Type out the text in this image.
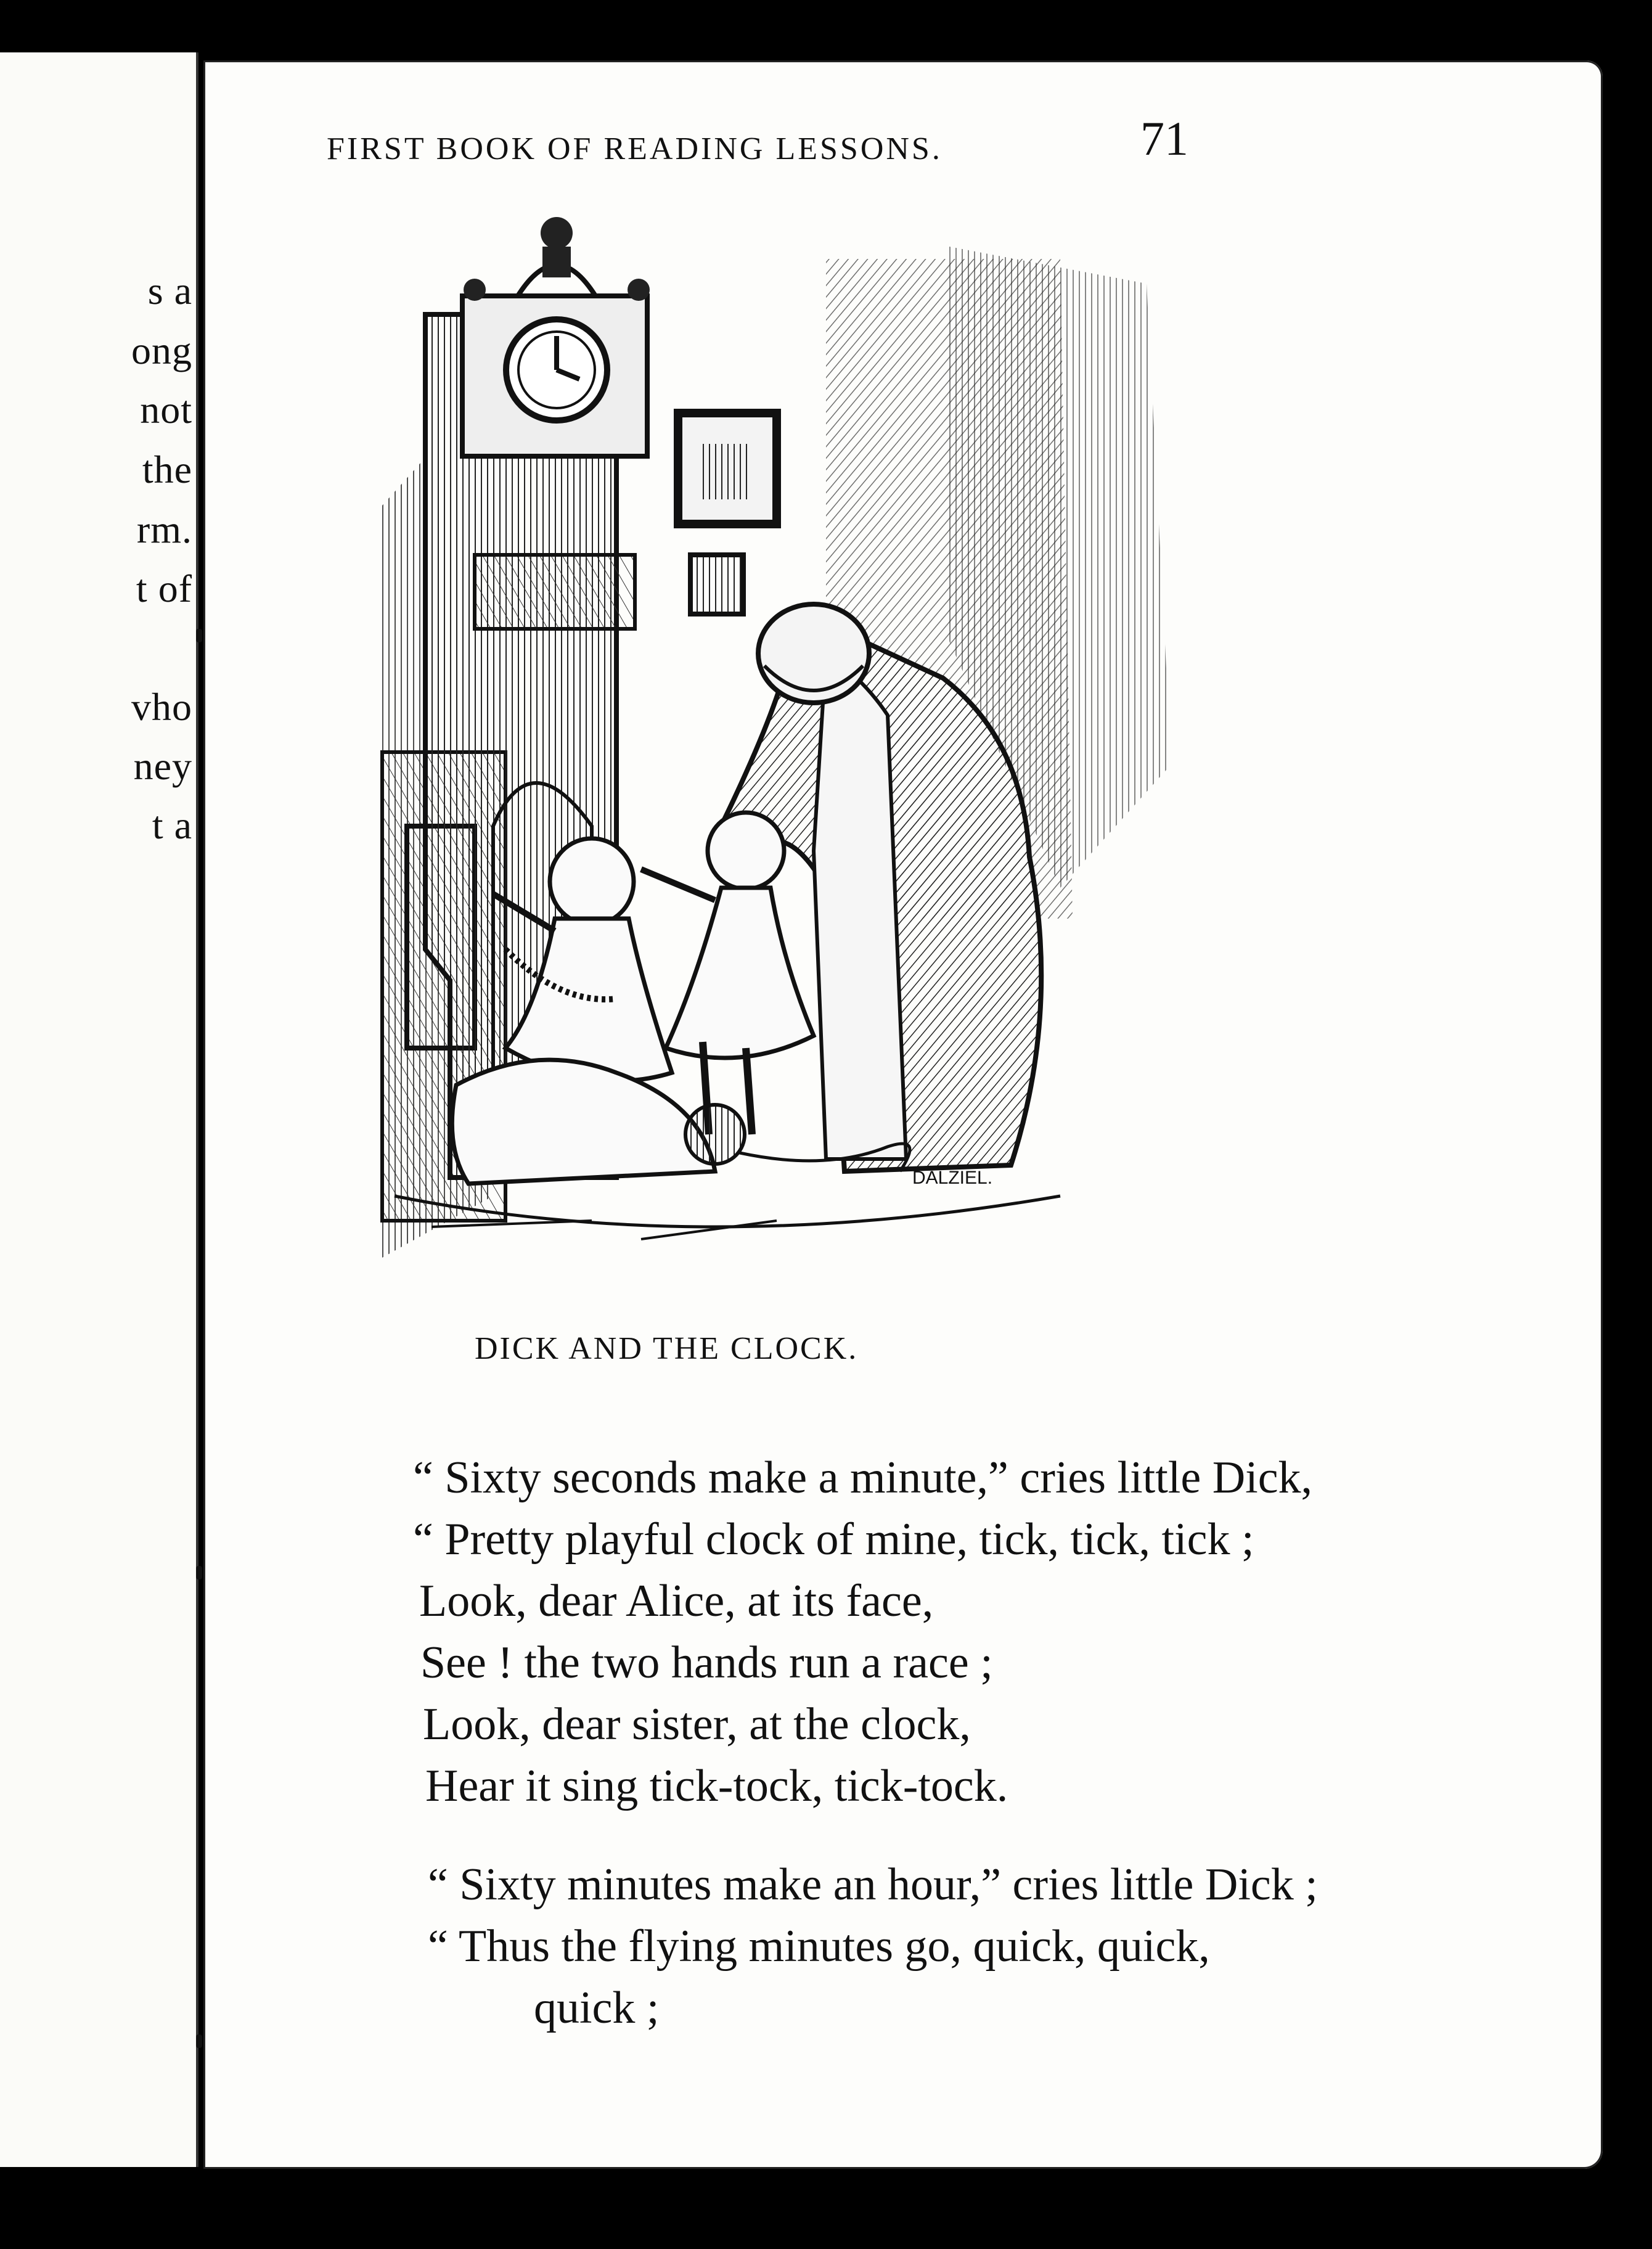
s a
ong
not
the
rm.
t of
vho
ney
t a
FIRST BOOK OF READING LESSONS.	71
DALZIEL.
DICK AND THE CLOCK.
“ Sixty seconds make a minute,” cries little Dick,
“ Pretty playful clock of mine, tick, tick, tick ;
Look, dear Alice, at its face,
See ! the two hands run a race ;
Look, dear sister, at the clock,
Hear it sing tick-tock, tick-tock.
“ Sixty minutes make an hour,” cries little Dick ;
“ Thus the flying minutes go, quick, quick,
quick ;
